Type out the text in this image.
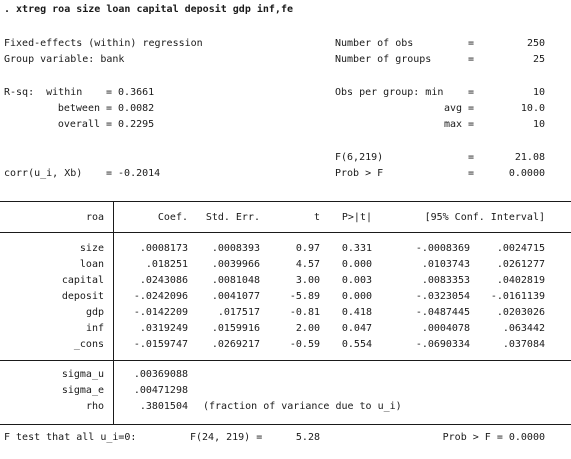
. xtreg roa size loan capital deposit gdp inf,fe
Fixed-effects (within) regression
Group variable: bank
R-sq:  within = 0.3661
between = 0.0082
overall = 0.2295
corr(u_i, Xb) = -0.2014
Number of obs	=	250
Number of groups	=	25
Obs per group: min =	10
avg =	10.0
max =	10
F(6,219)	=	21.08
Prob > F	=	0.0000
roa	Coef.	Std. Err.	t	P>|t|	[95% Conf. Interval]
size	.0008173	.0008393	0.97	0.331	-.0008369	.0024715
loan	.018251	.0039966	4.57	0.000	.0103743	.0261277
capital	.0243086	.0081048	3.00	0.003	.0083353	.0402819
deposit	-.0242096	.0041077	-5.89	0.000	-.0323054	-.0161139
gdp	-.0142209	.017517	-0.81	0.418	-.0487445	.0203026
inf	.0319249	.0159916	2.00	0.047	.0004078	.063442
_cons	-.0159747	.0269217	-0.59	0.554	-.0690334	.037084
sigma_u	.00369088
sigma_e	.00471298
rho	.3801504 (fraction of variance due to u_i)
F test that all u_i=0:	F(24, 219) =	5.28	Prob > F = 0.0000
